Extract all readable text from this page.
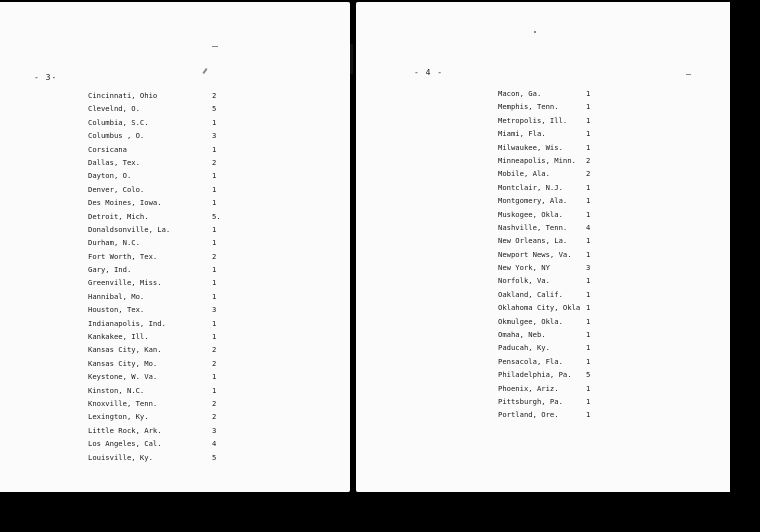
- 3-
Cincinnati, Ohio	2
Clevelnd, O.	5
Columbia, S.C.	1
Columbus , O.	3
Corsicana	1
Dallas, Tex.	2
Dayton, O.	1
Denver, Colo.	1
Des Moines, Iowa.	1
Detroit, Mich.	5.
Donaldsonville, La.	1
Durham, N.C.	1
Fort Worth, Tex.	2
Gary, Ind.	1
Greenville, Miss.	1
Hannibal, Mo.	1
Houston, Tex.	3
Indianapolis, Ind.	1
Kankakee, Ill.	1
Kansas City, Kan.	2
Kansas City, Mo.	2
Keystone, W. Va.	1
Kinston, N.C.	1
Knoxville, Tenn.	2
Lexington, Ky.	2
Little Rock, Ark.	3
Los Angeles, Cal.	4
Louisville, Ky.	5
- 4 -
Macon, Ga.	1
Memphis, Tenn.	1
Metropolis, Ill.	1
Miami, Fla.	1
Milwaukee, Wis.	1
Minneapolis, Minn. 2
Mobile, Ala.	2
Montclair, N.J.	1
Montgomery, Ala.	1
Muskogee, Okla.	1
Nashville, Tenn.	4
New Orleans, La.	1
Newport News, Va. 1
New York, NY	3
Norfolk, Va.	1
Oakland, Calif.	1
Oklahoma City, Okla 1
Okmulgee, Okla.	1
Omaha, Neb.	1
Paducah, Ky.	1
Pensacola, Fla.	1
Philadelphia, Pa. 5
Phoenix, Ariz.	1
Pittsburgh, Pa.	1
Portland, Ore.	1
